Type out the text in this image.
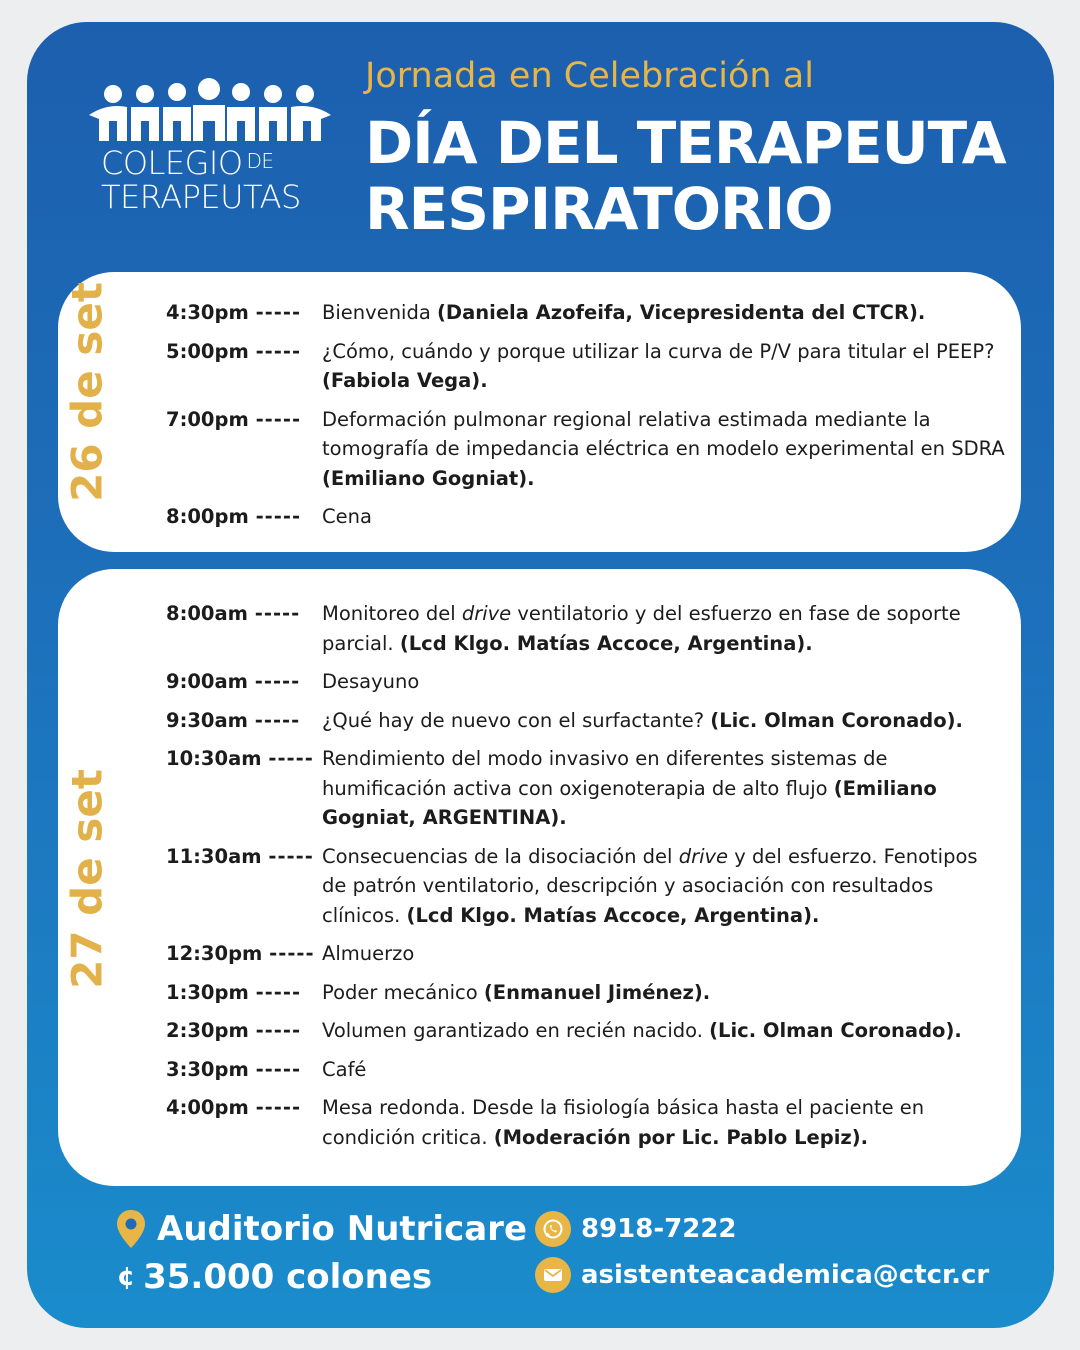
COLEGIO DE
TERAPEUTAS
Jornada en Celebración al
DÍA DEL TERAPEUTA
RESPIRATORIO
26 de set	4:30pm -----	Bienvenida (Daniela Azofeifa, Vicepresidenta del CTCR).
5:00pm -----	¿Cómo, cuándo y porque utilizar la curva de P/V para titular el PEEP? (Fabiola Vega).
7:00pm -----	Deformación pulmonar regional relativa estimada mediante la tomografía de impedancia eléctrica en modelo experimental en SDRA (Emiliano Gogniat).
8:00pm -----	Cena
27 de set
8:00am -----	Monitoreo del drive ventilatorio y del esfuerzo en fase de soporte parcial. (Lcd Klgo. Matías Accoce, Argentina).
9:00am -----	Desayuno
9:30am -----	¿Qué hay de nuevo con el surfactante? (Lic. Olman Coronado).
10:30am ----- Rendimiento del modo invasivo en diferentes sistemas de humificación activa con oxigenoterapia de alto flujo (Emiliano Gogniat, ARGENTINA).
11:30am ----- Consecuencias de la disociación del drive y del esfuerzo. Fenotipos de patrón ventilatorio, descripción y asociación con resultados clínicos. (Lcd Klgo. Matías Accoce, Argentina).
12:30pm ----- Almuerzo
1:30pm -----	Poder mecánico (Enmanuel Jiménez).
2:30pm -----	Volumen garantizado en recién nacido. (Lic. Olman Coronado).
3:30pm -----	Café
4:00pm -----	Mesa redonda. Desde la fisiología básica hasta el paciente en condición critica. (Moderación por Lic. Pablo Lepiz).
Auditorio Nutricare
¢ 35.000 colones
8918-7222
asistenteacademica@ctcr.cr
